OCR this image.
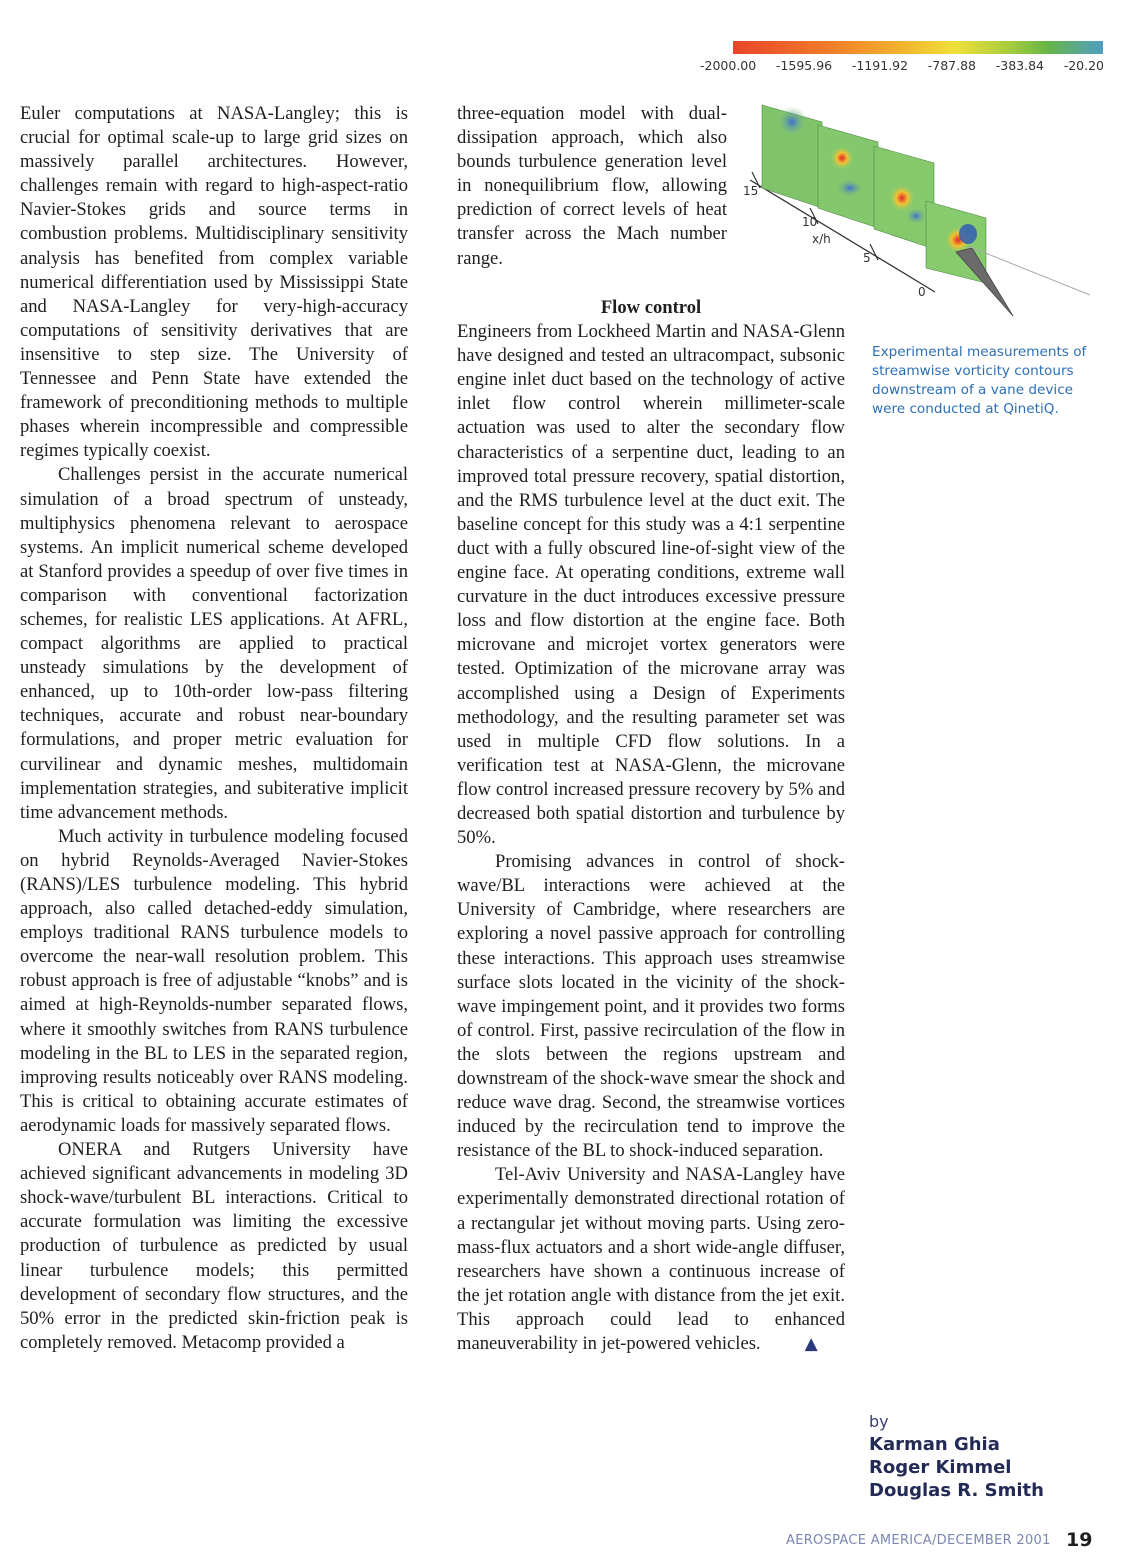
-2000.00 -1595.96 -1191.92 -787.88 -383.84 -20.20
15
10
x/h
5
0
Experimental measurements of streamwise vorticity contours downstream of a vane device were conducted at QinetiQ.

Euler computations at NASA-Langley; this is crucial for optimal scale-up to large grid sizes on massively parallel architectures. However, challenges remain with regard to high-aspect-ratio Navier-Stokes grids and source terms in combustion problems. Multidisciplinary sensitivity analysis has benefited from complex variable numerical differentiation used by Mississippi State and NASA-Langley for very-high-accuracy computations of sensitivity derivatives that are insensitive to step size. The University of Tennessee and Penn State have extended the framework of preconditioning methods to multiple phases wherein incompressible and compressible regimes typically coexist.

Challenges persist in the accurate numerical simulation of a broad spectrum of unsteady, multiphysics phenomena relevant to aerospace systems. An implicit numerical scheme developed at Stanford provides a speedup of over five times in comparison with conventional factorization schemes, for realistic LES applications. At AFRL, compact algorithms are applied to practical unsteady simulations by the development of enhanced, up to 10th-order low-pass filtering techniques, accurate and robust near-boundary formulations, and proper metric evaluation for curvilinear and dynamic meshes, multidomain implementation strategies, and subiterative implicit time advancement methods.

Much activity in turbulence modeling focused on hybrid Reynolds-Averaged Navier-Stokes (RANS)/LES turbulence modeling. This hybrid approach, also called detached-eddy simulation, employs traditional RANS turbulence models to overcome the near-wall resolution problem. This robust approach is free of adjustable “knobs” and is aimed at high-Reynolds-number separated flows, where it smoothly switches from RANS turbulence modeling in the BL to LES in the separated region, improving results noticeably over RANS modeling. This is critical to obtaining accurate estimates of aerodynamic loads for massively separated flows.

ONERA and Rutgers University have achieved significant advancements in modeling 3D shock-wave/turbulent BL interactions. Critical to accurate formulation was limiting the excessive production of turbulence as predicted by usual linear turbulence models; this permitted development of secondary flow structures, and the 50% error in the predicted skin-friction peak is completely removed. Metacomp provided a

three-equation model with dual-dissipation approach, which also bounds turbulence generation level in nonequilibrium flow, allowing prediction of correct levels of heat transfer across the Mach number range.

Flow control

Engineers from Lockheed Martin and NASA-Glenn have designed and tested an ultracompact, subsonic engine inlet duct based on the technology of active inlet flow control wherein millimeter-scale actuation was used to alter the secondary flow characteristics of a serpentine duct, leading to an improved total pressure recovery, spatial distortion, and the RMS turbulence level at the duct exit. The baseline concept for this study was a 4:1 serpentine duct with a fully obscured line-of-sight view of the engine face. At operating conditions, extreme wall curvature in the duct introduces excessive pressure loss and flow distortion at the engine face. Both microvane and microjet vortex generators were tested. Optimization of the microvane array was accomplished using a Design of Experiments methodology, and the resulting parameter set was used in multiple CFD flow solutions. In a verification test at NASA-Glenn, the microvane flow control increased pressure recovery by 5% and decreased both spatial distortion and turbulence by 50%.

Promising advances in control of shock-wave/BL interactions were achieved at the University of Cambridge, where researchers are exploring a novel passive approach for controlling these interactions. This approach uses streamwise surface slots located in the vicinity of the shock-wave impingement point, and it provides two forms of control. First, passive recirculation of the flow in the slots between the regions upstream and downstream of the shock-wave smear the shock and reduce wave drag. Second, the streamwise vortices induced by the recirculation tend to improve the resistance of the BL to shock-induced separation.

Tel-Aviv University and NASA-Langley have experimentally demonstrated directional rotation of a rectangular jet without moving parts. Using zero-mass-flux actuators and a short wide-angle diffuser, researchers have shown a continuous increase of the jet rotation angle with distance from the jet exit. This approach could lead to enhanced maneuverability in jet-powered vehicles.	▲

by
Karman Ghia
Roger Kimmel
Douglas R. Smith
AEROSPACE AMERICA/DECEMBER 2001 19
